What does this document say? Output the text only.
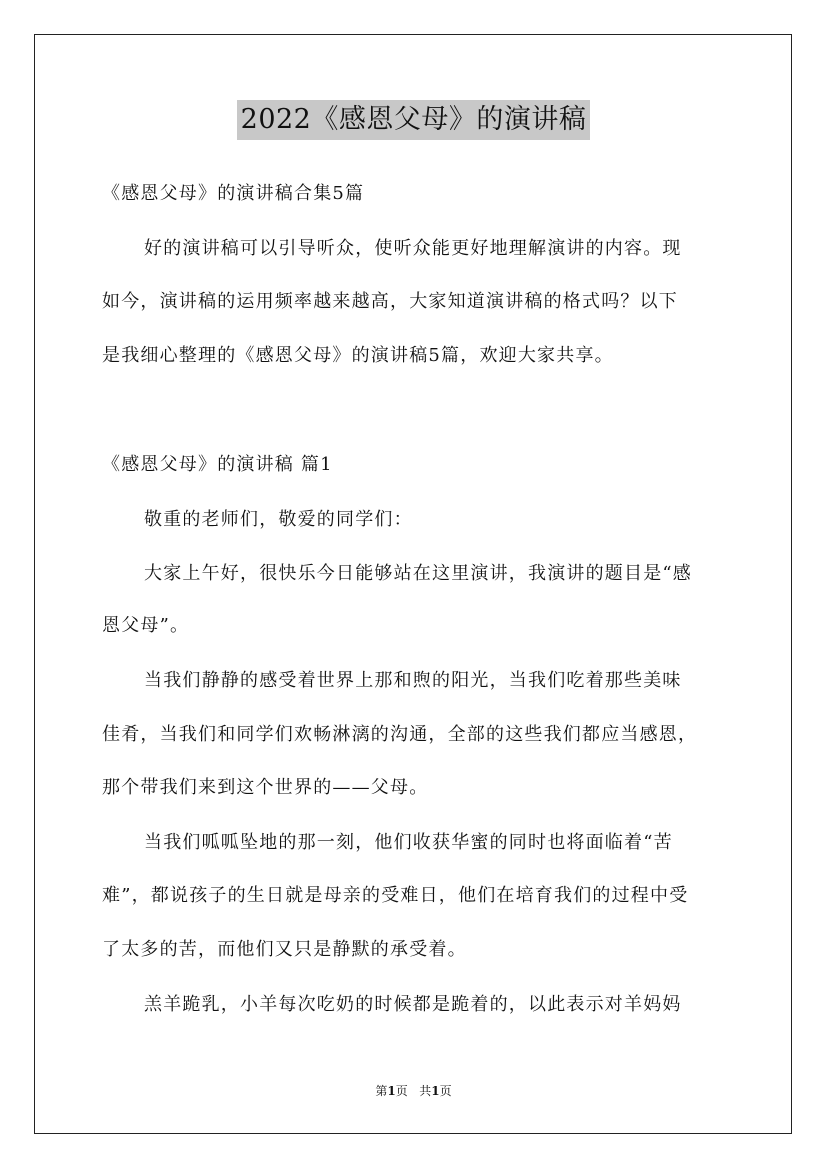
2022《感恩父母》的演讲稿
《感恩父母》的演讲稿合集5篇
好的演讲稿可以引导听众，使听众能更好地理解演讲的内容。现
如今，演讲稿的运用频率越来越高，大家知道演讲稿的格式吗？以下
是我细心整理的《感恩父母》的演讲稿5篇，欢迎大家共享。
《感恩父母》的演讲稿 篇1
敬重的老师们，敬爱的同学们：
大家上午好，很快乐今日能够站在这里演讲，我演讲的题目是“感
恩父母”。
当我们静静的感受着世界上那和煦的阳光，当我们吃着那些美味
佳肴，当我们和同学们欢畅淋漓的沟通，全部的这些我们都应当感恩，
那个带我们来到这个世界的——父母。
当我们呱呱坠地的那一刻，他们收获华蜜的同时也将面临着“苦
难”，都说孩子的生日就是母亲的受难日，他们在培育我们的过程中受
了太多的苦，而他们又只是静默的承受着。
羔羊跪乳，小羊每次吃奶的时候都是跪着的，以此表示对羊妈妈
第1页 共1页
